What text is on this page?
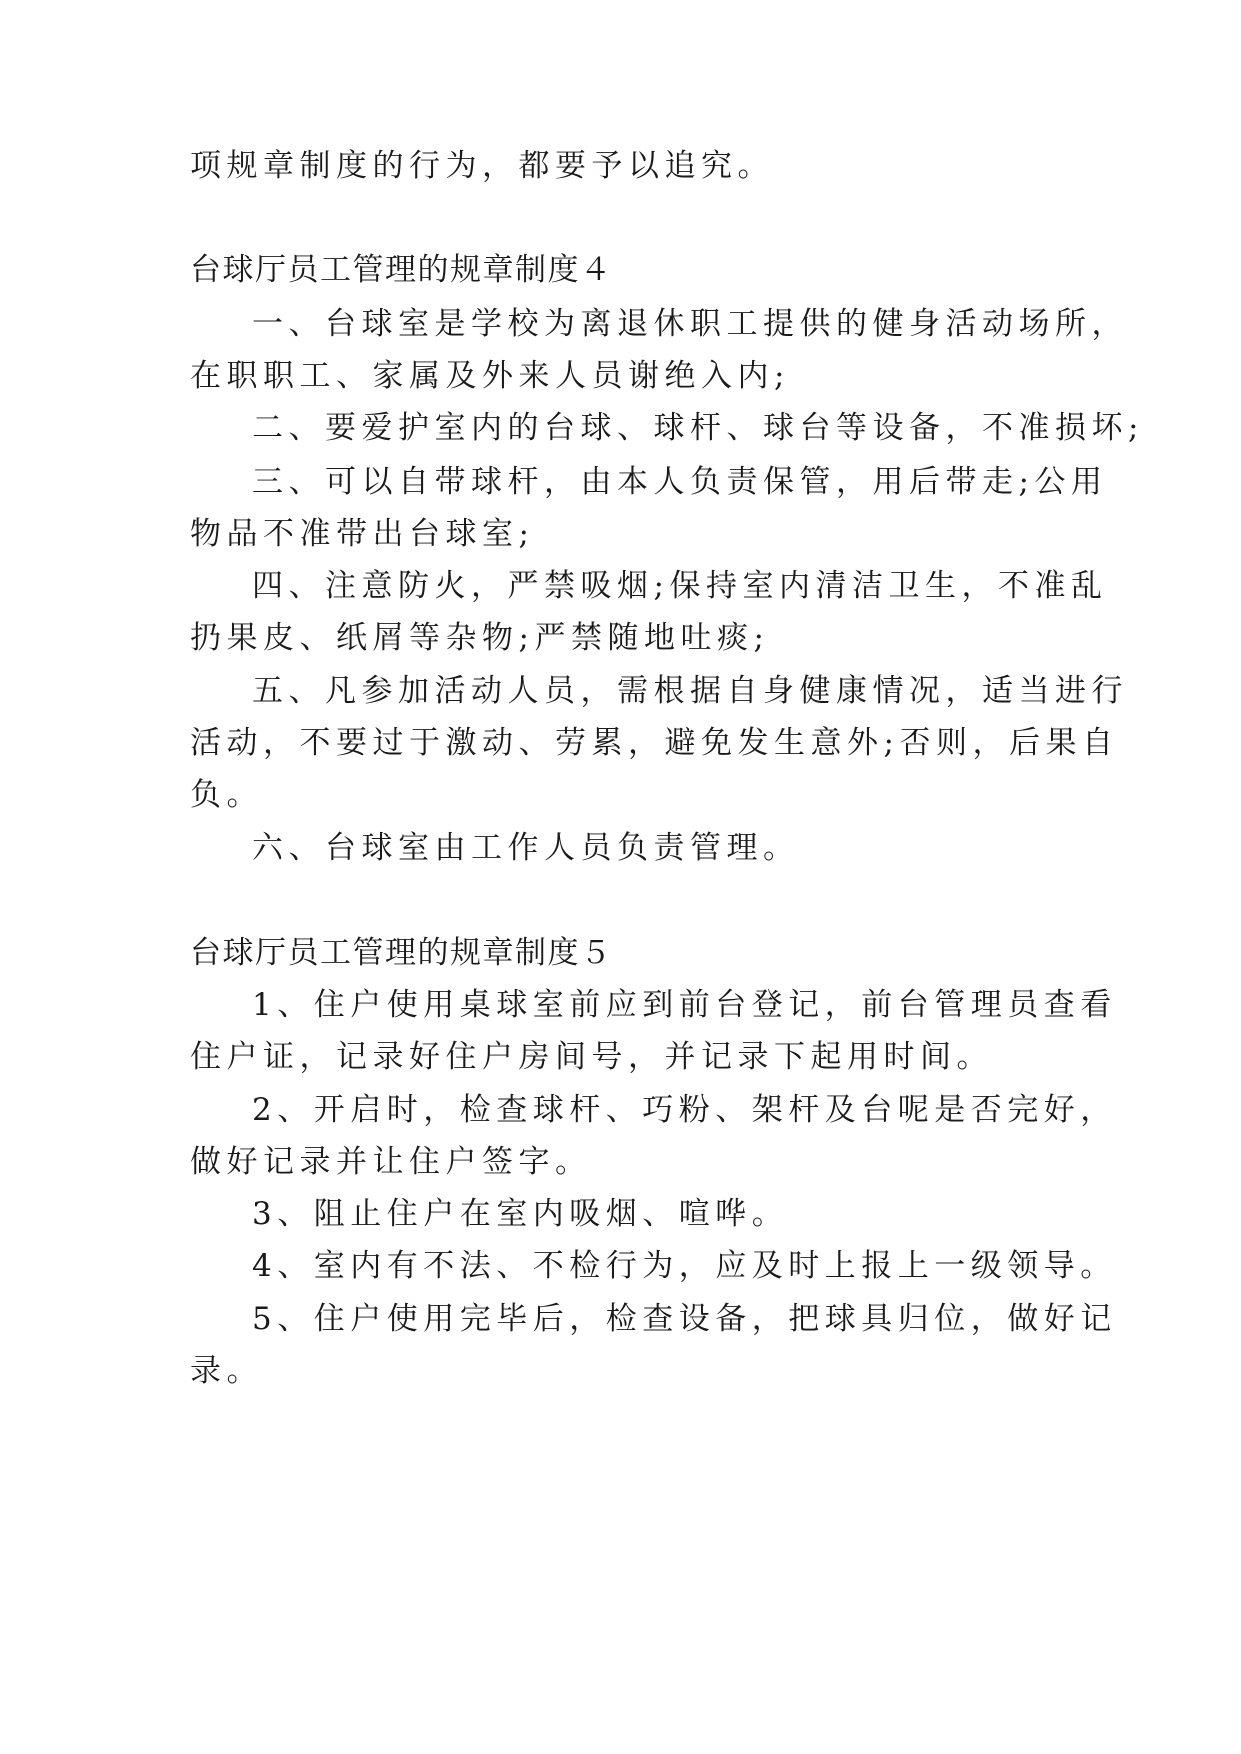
项规章制度的行为，都要予以追究。
台球厅员工管理的规章制度４
一、台球室是学校为离退休职工提供的健身活动场所，
在职职工、家属及外来人员谢绝入内;
二、要爱护室内的台球、球杆、球台等设备，不准损坏;
三、可以自带球杆，由本人负责保管，用后带走;公用
物品不准带出台球室;
四、注意防火，严禁吸烟;保持室内清洁卫生，不准乱
扔果皮、纸屑等杂物;严禁随地吐痰;
五、凡参加活动人员，需根据自身健康情况，适当进行
活动，不要过于激动、劳累，避免发生意外;否则，后果自
负。
六、台球室由工作人员负责管理。
台球厅员工管理的规章制度５
1、住户使用桌球室前应到前台登记，前台管理员查看
住户证，记录好住户房间号，并记录下起用时间。
2、开启时，检查球杆、巧粉、架杆及台呢是否完好，
做好记录并让住户签字。
3、阻止住户在室内吸烟、喧哗。
4、室内有不法、不检行为，应及时上报上一级领导。
5、住户使用完毕后，检查设备，把球具归位，做好记
录。
